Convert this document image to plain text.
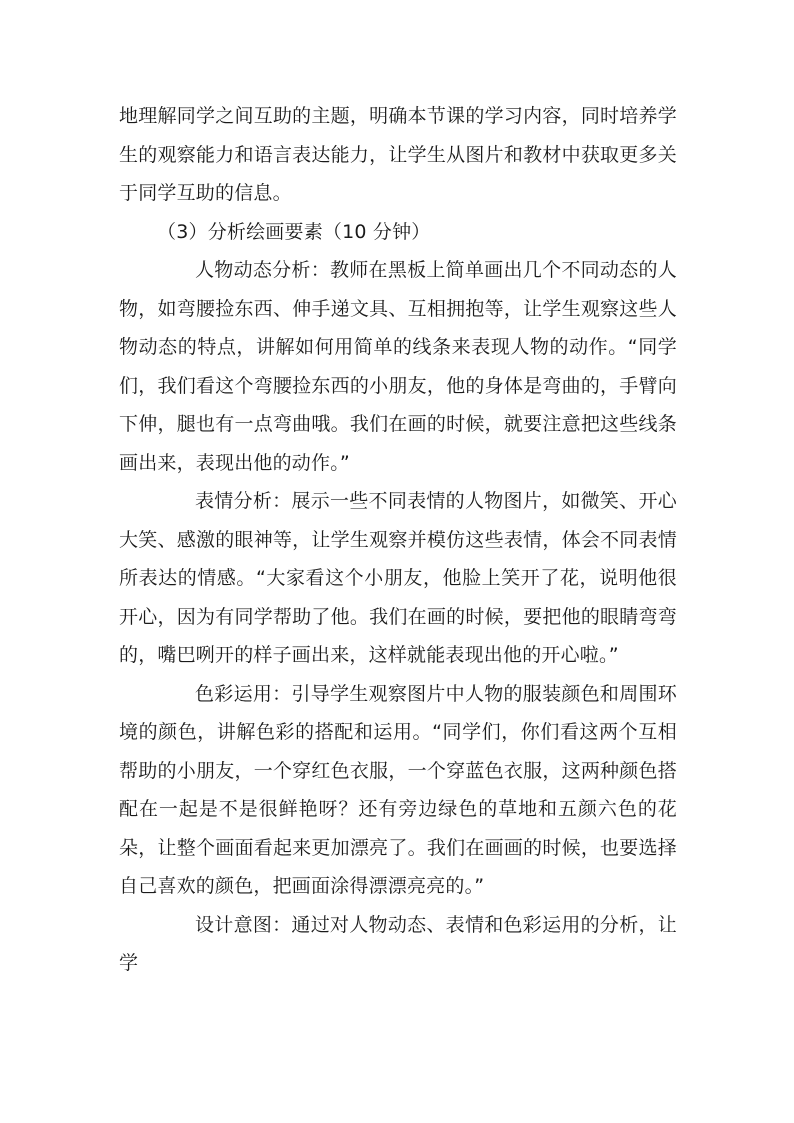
地理解同学之间互助的主题，明确本节课的学习内容，同时培养学生的观察能力和语言表达能力，让学生从图片和教材中获取更多关于同学互助的信息。

（3）分析绘画要素（10 分钟）

人物动态分析：教师在黑板上简单画出几个不同动态的人物，如弯腰捡东西、伸手递文具、互相拥抱等，让学生观察这些人物动态的特点，讲解如何用简单的线条来表现人物的动作。“同学们，我们看这个弯腰捡东西的小朋友，他的身体是弯曲的，手臂向下伸，腿也有一点弯曲哦。我们在画的时候，就要注意把这些线条画出来，表现出他的动作。”

表情分析：展示一些不同表情的人物图片，如微笑、开心大笑、感激的眼神等，让学生观察并模仿这些表情，体会不同表情所表达的情感。“大家看这个小朋友，他脸上笑开了花，说明他很开心，因为有同学帮助了他。我们在画的时候，要把他的眼睛弯弯的，嘴巴咧开的样子画出来，这样就能表现出他的开心啦。”

色彩运用：引导学生观察图片中人物的服装颜色和周围环境的颜色，讲解色彩的搭配和运用。“同学们，你们看这两个互相帮助的小朋友，一个穿红色衣服，一个穿蓝色衣服，这两种颜色搭配在一起是不是很鲜艳呀？还有旁边绿色的草地和五颜六色的花朵，让整个画面看起来更加漂亮了。我们在画画的时候，也要选择自己喜欢的颜色，把画面涂得漂漂亮亮的。”

设计意图：通过对人物动态、表情和色彩运用的分析，让学
